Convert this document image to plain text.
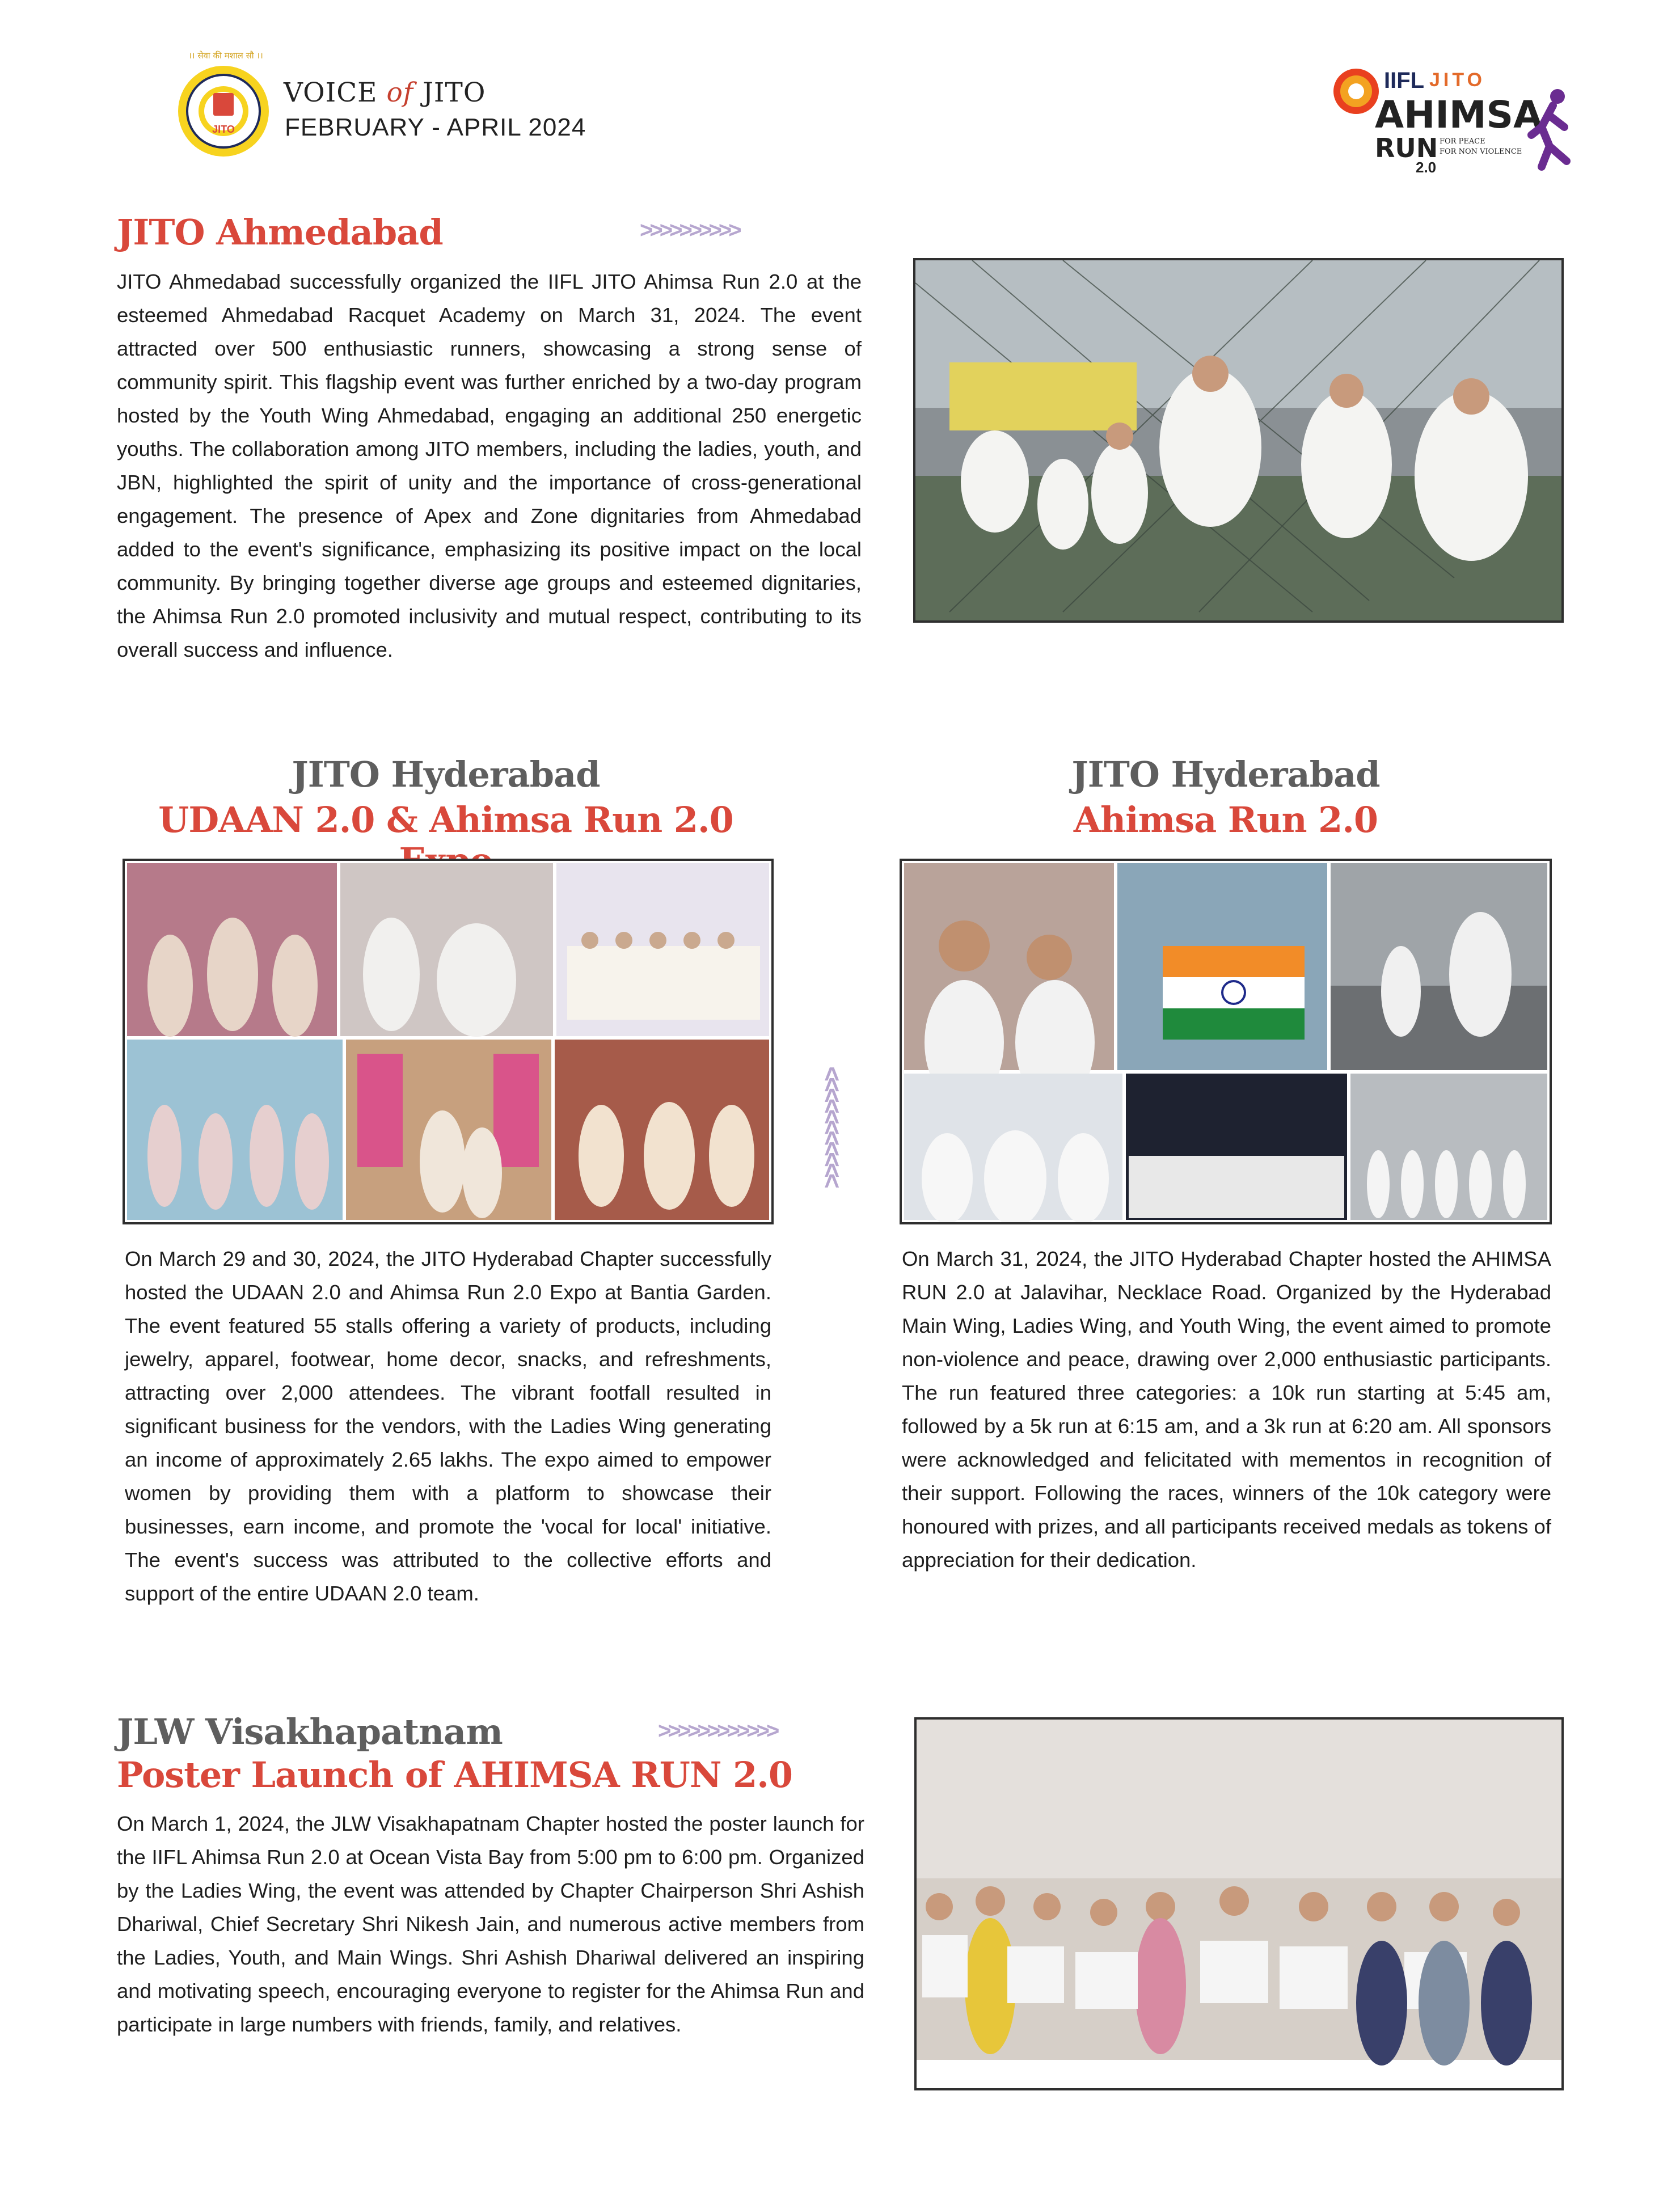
।। सेवा की मशाल सौ ।।
JITO
VOICE of JITO
FEBRUARY - APRIL 2024
IIFL JITO
AHIMSA
RUN FOR PEACE
FOR NON VIOLENCE
2.0
JITO Ahmedabad	>>>>>>>>>>
JITO Ahmedabad successfully organized the IIFL JITO Ahimsa Run 2.0 at the esteemed Ahmedabad Racquet Academy on March 31, 2024. The event attracted over 500 enthusiastic runners, showcasing a strong sense of community spirit. This flagship event was further enriched by a two-day program hosted by the Youth Wing Ahmedabad, engaging an additional 250 energetic youths. The collaboration among JITO members, including the ladies, youth, and JBN, highlighted the spirit of unity and the importance of cross-generational engagement. The presence of Apex and Zone dignitaries from Ahmedabad added to the event's significance, emphasizing its positive impact on the local community. By bringing together diverse age groups and esteemed dignitaries, the Ahimsa Run 2.0 promoted inclusivity and mutual respect, contributing to its overall success and influence.
JITO Hyderabad
UDAAN 2.0 & Ahimsa Run 2.0
On March 29 and 30, 2024, the JITO Hyderabad Chapter successfully hosted the UDAAN 2.0 and Ahimsa Run 2.0 Expo at Bantia Garden. The event featured 55 stalls offering a variety of products, including jewelry, apparel, footwear, home decor, snacks, and refreshments, attracting over 2,000 attendees. The vibrant footfall resulted in significant business for the vendors, with the Ladies Wing generating an income of approximately 2.65 lakhs. The expo aimed to empower women by providing them with a platform to showcase their businesses, earn income, and promote the 'vocal for local' initiative. The event's success was attributed to the collective efforts and support of the entire UDAAN 2.0 team.
>>>>>>>>>>>
JITO Hyderabad
Ahimsa Run 2.0
On March 31, 2024, the JITO Hyderabad Chapter hosted the AHIMSA RUN 2.0 at Jalavihar, Necklace Road. Organized by the Hyderabad Main Wing, Ladies Wing, and Youth Wing, the event aimed to promote non-violence and peace, drawing over 2,000 enthusiastic participants. The run featured three categories: a 10k run starting at 5:45 am, followed by a 5k run at 6:15 am, and a 3k run at 6:20 am. All sponsors were acknowledged and felicitated with mementos in recognition of their support. Following the races, winners of the 10k category were honoured with prizes, and all participants received medals as tokens of appreciation for their dedication.
JLW Visakhapatnam
Poster Launch of AHIMSA RUN 2.0
>>>>>>>>>>>>
On March 1, 2024, the JLW Visakhapatnam Chapter hosted the poster launch for the IIFL Ahimsa Run 2.0 at Ocean Vista Bay from 5:00 pm to 6:00 pm. Organized by the Ladies Wing, the event was attended by Chapter Chairperson Shri Ashish Dhariwal, Chief Secretary Shri Nikesh Jain, and numerous active members from the Ladies, Youth, and Main Wings. Shri Ashish Dhariwal delivered an inspiring and motivating speech, encouraging everyone to register for the Ahimsa Run and participate in large numbers with friends, family, and relatives.
